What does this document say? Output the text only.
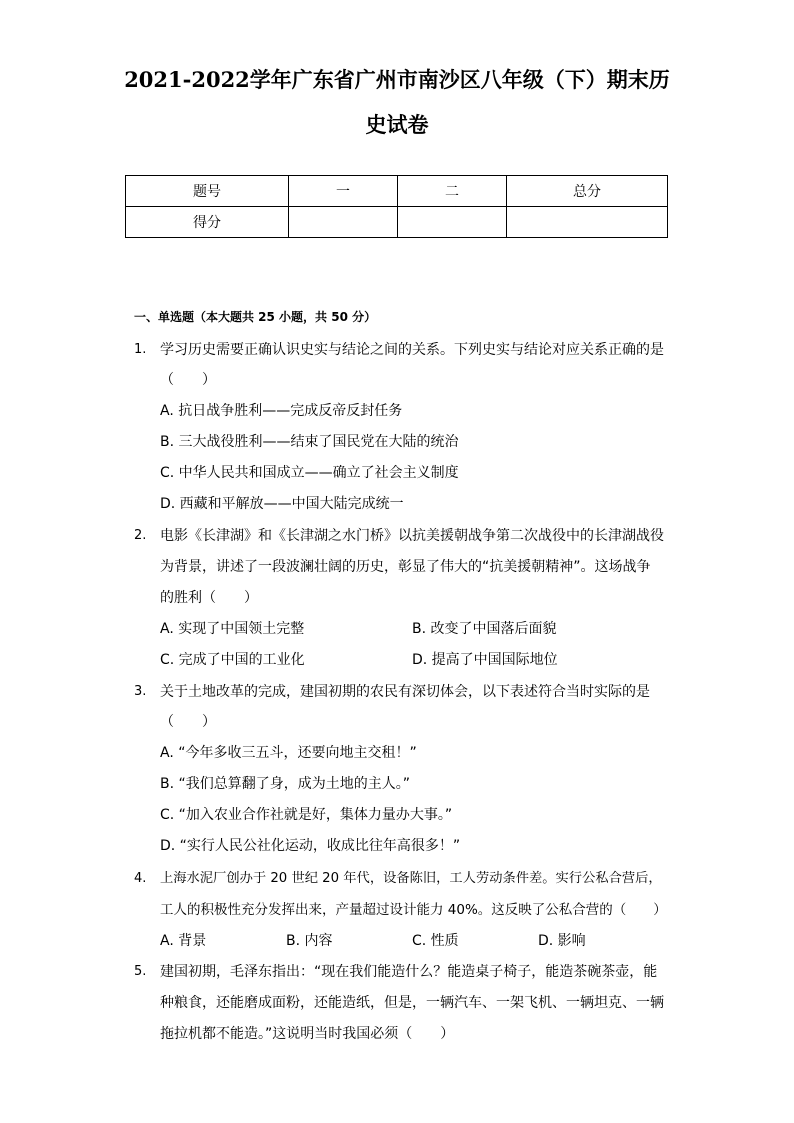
2021-2022学年广东省广州市南沙区八年级（下）期末历
史试卷
题号	一	二	总分
得分			
一、单选题（本大题共 25 小题，共 50 分）
1. 学习历史需要正确认识史实与结论之间的关系。下列史实与结论对应关系正确的是
（　　）
A. 抗日战争胜利——完成反帝反封任务
B. 三大战役胜利——结束了国民党在大陆的统治
C. 中华人民共和国成立——确立了社会主义制度
D. 西藏和平解放——中国大陆完成统一
2. 电影《长津湖》和《长津湖之水门桥》以抗美援朝战争第二次战役中的长津湖战役
为背景，讲述了一段波澜壮阔的历史，彰显了伟大的“抗美援朝精神”。这场战争
的胜利（　　）
A. 实现了中国领土完整	B. 改变了中国落后面貌
C. 完成了中国的工业化	D. 提高了中国国际地位
3. 关于土地改革的完成，建国初期的农民有深切体会，以下表述符合当时实际的是
（　　）
A. “今年多收三五斗，还要向地主交租！”
B. “我们总算翻了身，成为土地的主人。”
C. “加入农业合作社就是好，集体力量办大事。”
D. “实行人民公社化运动，收成比往年高很多！”
4. 上海水泥厂创办于 20 世纪 20 年代，设备陈旧，工人劳动条件差。实行公私合营后，
工人的积极性充分发挥出来，产量超过设计能力 40%。这反映了公私合营的（　　）
A. 背景	B. 内容	C. 性质	D. 影响
5. 建国初期，毛泽东指出：“现在我们能造什么？能造桌子椅子，能造茶碗茶壶，能
种粮食，还能磨成面粉，还能造纸，但是，一辆汽车、一架飞机、一辆坦克、一辆
拖拉机都不能造。”这说明当时我国必须（　　）
